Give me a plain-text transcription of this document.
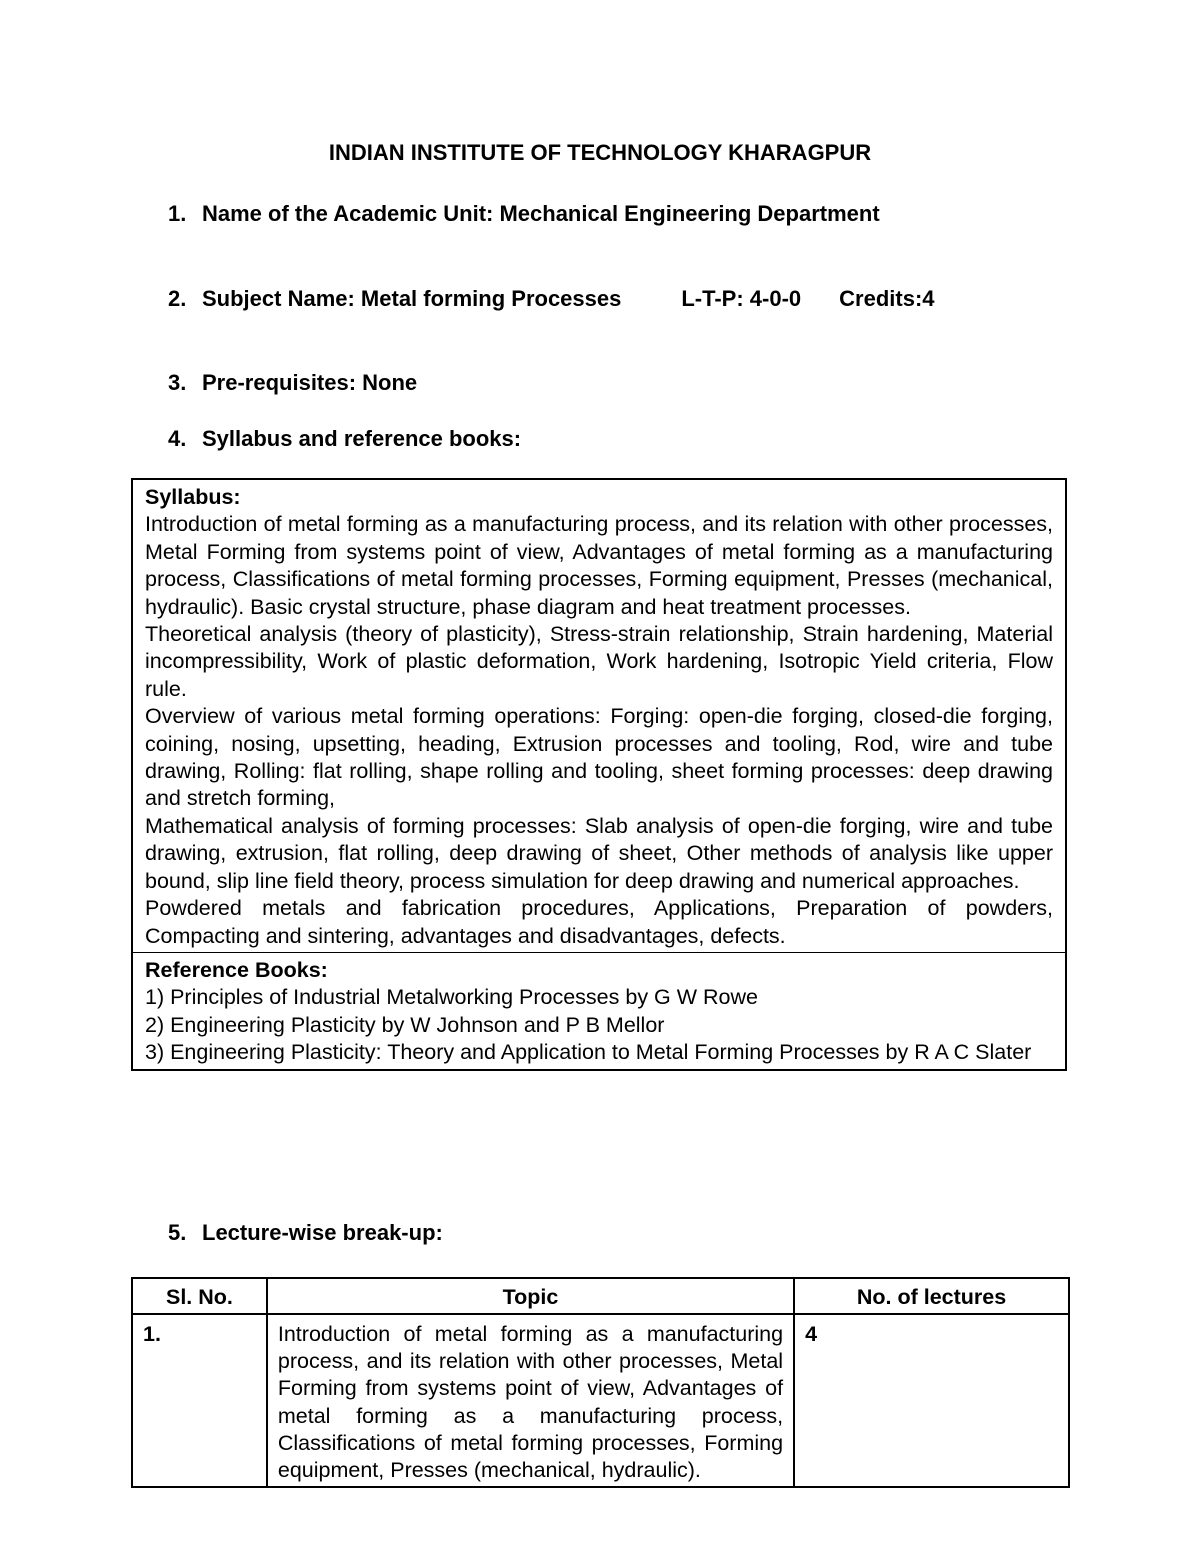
INDIAN INSTITUTE OF TECHNOLOGY KHARAGPUR
1. Name of the Academic Unit: Mechanical Engineering Department
2. Subject Name: Metal forming Processes	L-T-P: 4-0-0 Credits:4
3. Pre-requisites: None
4. Syllabus and reference books:
Syllabus:
Introduction of metal forming as a manufacturing process, and its relation with other processes, Metal Forming from systems point of view, Advantages of metal forming as a manufacturing process, Classifications of metal forming processes, Forming equipment, Presses (mechanical, hydraulic). Basic crystal structure, phase diagram and heat treatment processes.
Theoretical analysis (theory of plasticity), Stress-strain relationship, Strain hardening, Material incompressibility, Work of plastic deformation, Work hardening, Isotropic Yield criteria, Flow rule.
Overview of various metal forming operations: Forging: open-die forging, closed-die forging, coining, nosing, upsetting, heading, Extrusion processes and tooling, Rod, wire and tube drawing, Rolling: flat rolling, shape rolling and tooling, sheet forming processes: deep drawing and stretch forming,
Mathematical analysis of forming processes: Slab analysis of open-die forging, wire and tube drawing, extrusion, flat rolling, deep drawing of sheet, Other methods of analysis like upper bound, slip line field theory, process simulation for deep drawing and numerical approaches.
Powdered metals and fabrication procedures, Applications, Preparation of powders, Compacting and sintering, advantages and disadvantages, defects.
Reference Books:
1) Principles of Industrial Metalworking Processes by G W Rowe
2) Engineering Plasticity by W Johnson and P B Mellor
3) Engineering Plasticity: Theory and Application to Metal Forming Processes by R A C Slater
5. Lecture-wise break-up:
Sl. No.	Topic	No. of lectures
1.	Introduction of metal forming as a manufacturing process, and its relation with other processes, Metal Forming from systems point of view, Advantages of metal forming as a manufacturing process, Classifications of metal forming processes, Forming equipment, Presses (mechanical, hydraulic).	4
